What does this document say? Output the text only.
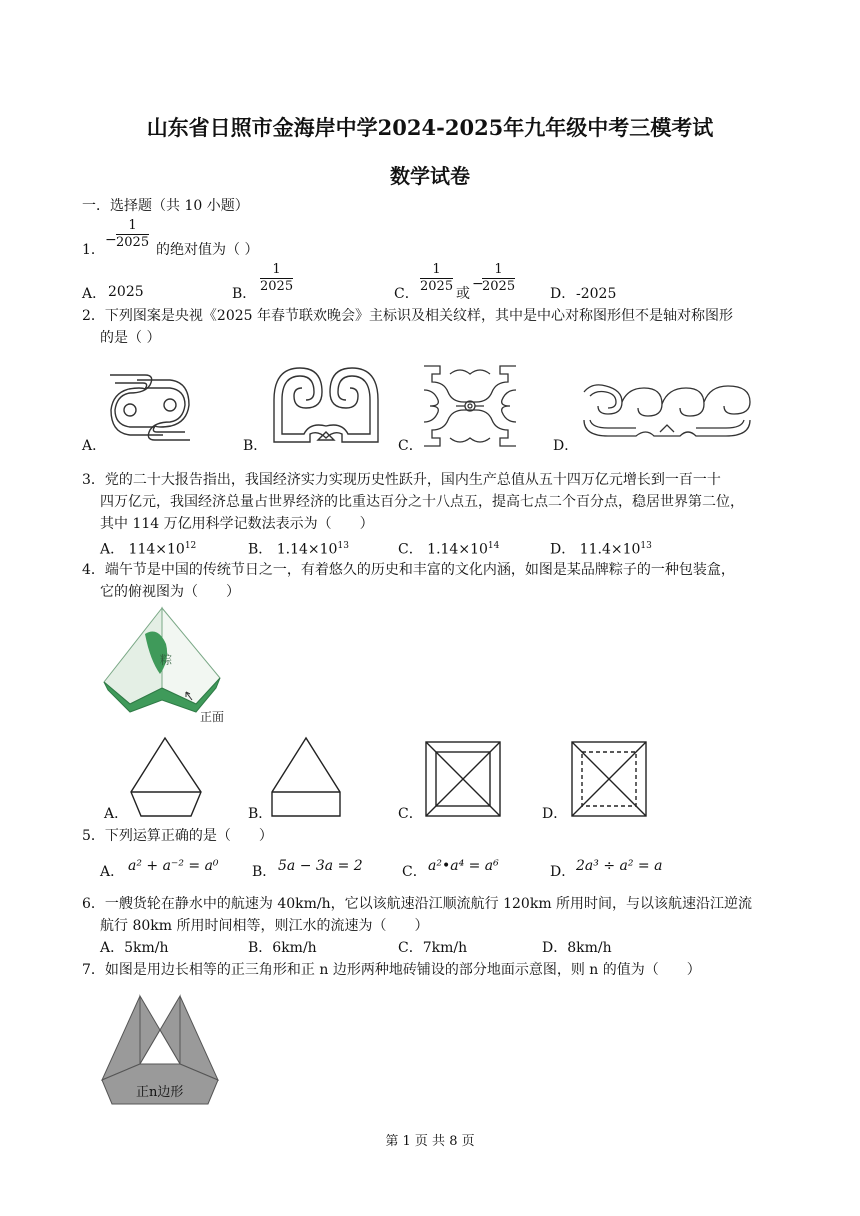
山东省日照市金海岸中学2024-2025年九年级中考三模考试
数学试卷
一．选择题（共 10 小题）
1．
− $\frac{1}{2025}$ 的绝对值为（ ）
A． 2025	B． $\frac{1}{2025}$	C． $\frac{1}{2025}$ 或
−
$\frac{1}{2025}$ D． -2025
2．下列图案是央视《2025 年春节联欢晚会》主标识及相关纹样，其中是中心对称图形但不是轴对称图形
的是（ ）
A．	B．	C．	D．
3．党的二十大报告指出，我国经济实力实现历史性跃升，国内生产总值从五十四万亿元增长到一百一十
四万亿元，我国经济总量占世界经济的比重达百分之十八点五，提高七点二个百分点，稳居世界第二位，
其中 114 万亿用科学记数法表示为（　　）
A． $114\times 10^{12}$	B． $1.14\times 10^{13}$	C． $1.14\times 10^{14}$	D． $11.4\times 10^{13}$
4．端午节是中国的传统节日之一，有着悠久的历史和丰富的文化内涵，如图是某品牌粽子的一种包装盒，
它的俯视图为（　　）
粽
正面
A．	B．	C．	D．
5．下列运算正确的是（　　）
A． a² + a⁻² = a⁰ B． 5a − 3a = 2	C． a²•a⁴ = a⁶	D． 2a³ ÷ a² = a
6．一艘货轮在静水中的航速为 40km/h，它以该航速沿江顺流航行 120km 所用时间，与以该航速沿江逆流
航行 80km 所用时间相等，则江水的流速为（　　）
A．5km/h	B．6km/h	C．7km/h	D．8km/h
7．如图是用边长相等的正三角形和正 n 边形两种地砖铺设的部分地面示意图，则 n 的值为（　　）
正n边形
第 1 页 共 8 页
